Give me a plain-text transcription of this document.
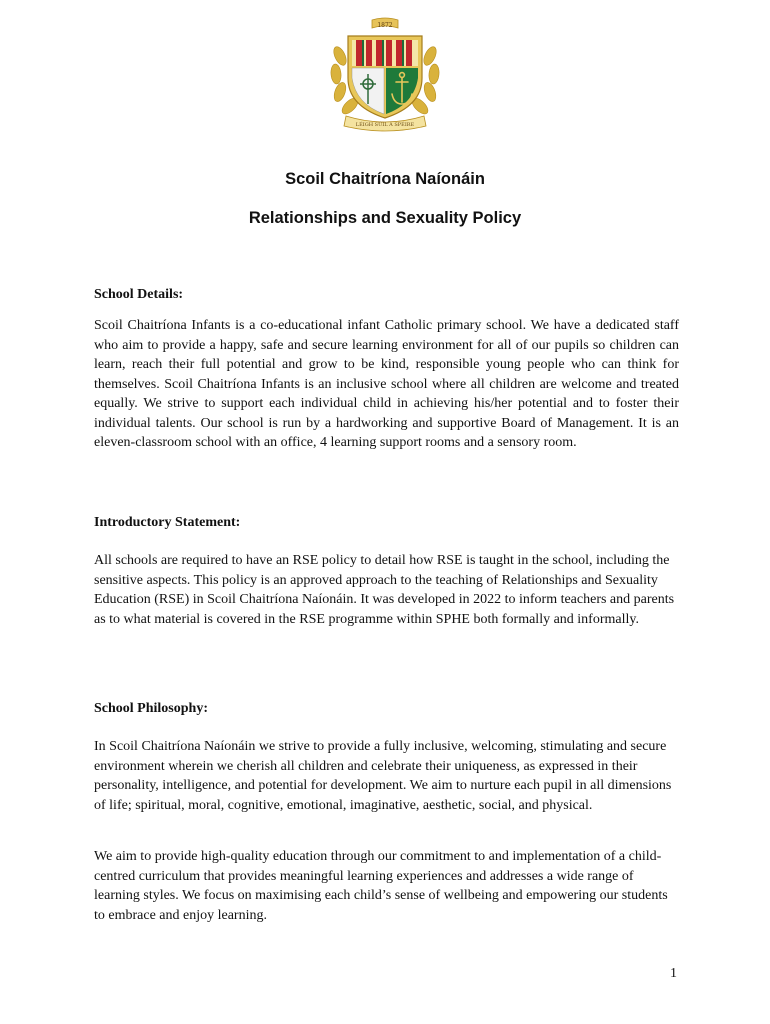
1872
LÉIGH SÚIL A SPÉIRE
Scoil Chaitríona Naíonáin
Relationships and Sexuality Policy

School Details:

Scoil Chaitríona Infants is a co-educational infant Catholic primary school. We have a dedicated staff who aim to provide a happy, safe and secure learning environment for all of our pupils so children can learn, reach their full potential and grow to be kind, responsible young people who can think for themselves. Scoil Chaitríona Infants is an inclusive school where all children are welcome and treated equally. We strive to support each individual child in achieving his/her potential and to foster their individual talents. Our school is run by a hardworking and supportive Board of Management. It is an eleven-classroom school with an office, 4 learning support rooms and a sensory room.

Introductory Statement:

All schools are required to have an RSE policy to detail how RSE is taught in the school, including the sensitive aspects. This policy is an approved approach to the teaching of Relationships and Sexuality Education (RSE) in Scoil Chaitríona Naíonáin. It was developed in 2022 to inform teachers and parents as to what material is covered in the RSE programme within SPHE both formally and informally.

School Philosophy:

In Scoil Chaitríona Naíonáin we strive to provide a fully inclusive, welcoming, stimulating and secure environment wherein we cherish all children and celebrate their uniqueness, as expressed in their personality, intelligence, and potential for development. We aim to nurture each pupil in all dimensions of life; spiritual, moral, cognitive, emotional, imaginative, aesthetic, social, and physical.

We aim to provide high-quality education through our commitment to and implementation of a child-centred curriculum that provides meaningful learning experiences and addresses a wide range of learning styles. We focus on maximising each child’s sense of wellbeing and empowering our students to embrace and enjoy learning.

1
